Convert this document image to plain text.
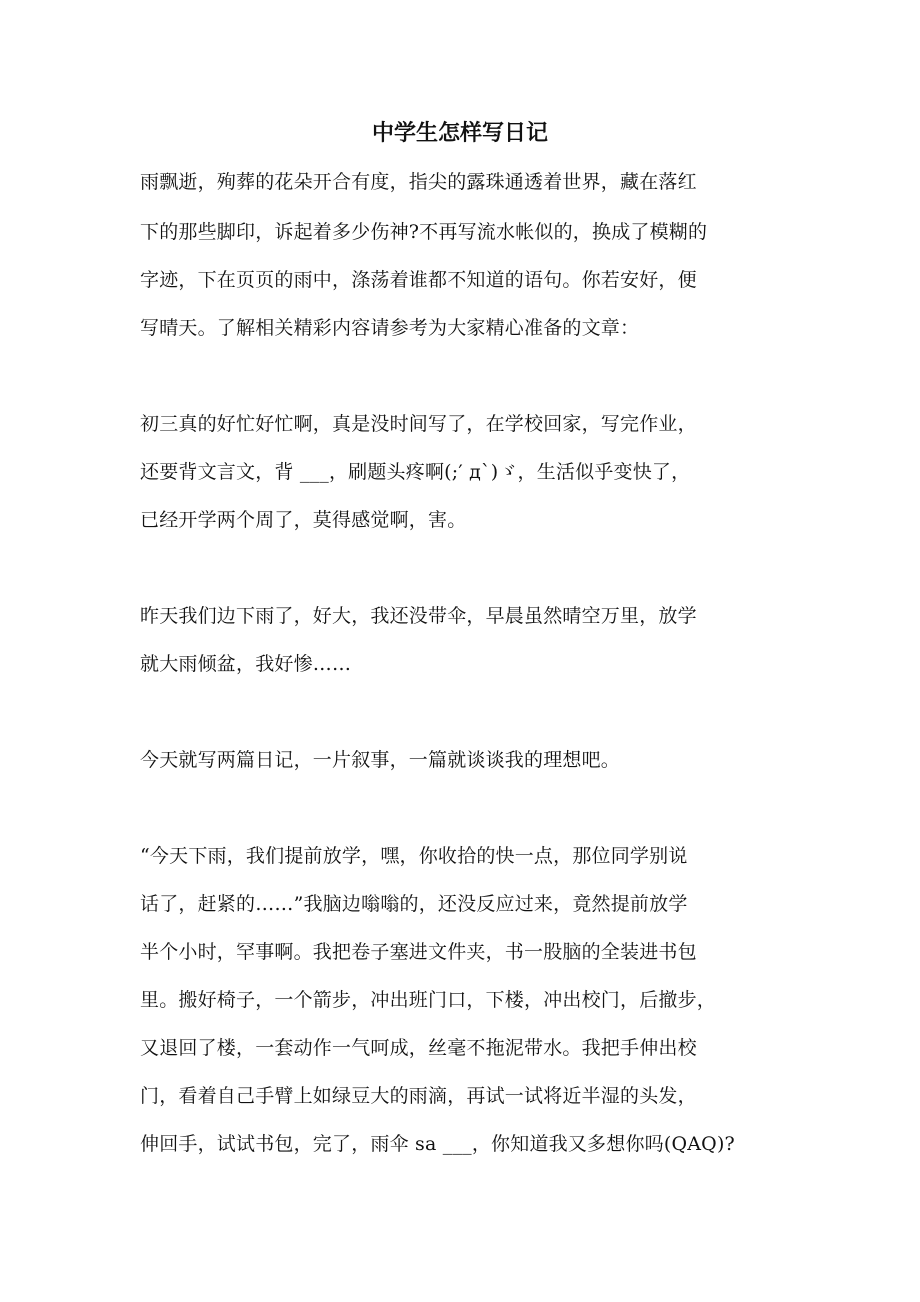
中学生怎样写日记

雨飘逝，殉葬的花朵开合有度，指尖的露珠通透着世界，藏在落红

下的那些脚印，诉起着多少伤神?不再写流水帐似的，换成了模糊的

字迹，下在页页的雨中，涤荡着谁都不知道的语句。你若安好，便

写晴天。了解相关精彩内容请参考为大家精心准备的文章：

初三真的好忙好忙啊，真是没时间写了，在学校回家，写完作业，

还要背文言文，背 ___，刷题头疼啊(;′ д`)ゞ，生活似乎变快了，

已经开学两个周了，莫得感觉啊，害。

昨天我们边下雨了，好大，我还没带伞，早晨虽然晴空万里，放学

就大雨倾盆，我好惨……

今天就写两篇日记，一片叙事，一篇就谈谈我的理想吧。

“今天下雨，我们提前放学，嘿，你收拾的快一点，那位同学别说

话了，赶紧的……”我脑边嗡嗡的，还没反应过来，竟然提前放学

半个小时，罕事啊。我把卷子塞进文件夹，书一股脑的全装进书包

里。搬好椅子，一个箭步，冲出班门口，下楼，冲出校门，后撤步，

又退回了楼，一套动作一气呵成，丝毫不拖泥带水。我把手伸出校

门，看着自己手臂上如绿豆大的雨滴，再试一试将近半湿的头发，

伸回手，试试书包，完了，雨伞 sa ___，你知道我又多想你吗(QAQ)?
